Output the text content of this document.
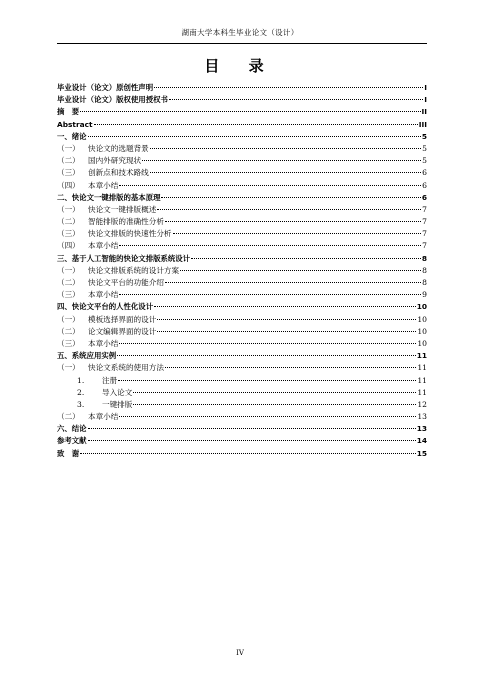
湖南大学本科生毕业论文（设计）
目 录
毕业设计（论文）原创性声明	I
毕业设计（论文）版权使用授权书	I
摘　要	II
Abstract	III
一、绪论	5
（一） 快论文的选题背景	5
（二） 国内外研究现状	5
（三） 创新点和技术路线	6
（四） 本章小结	6
二、快论文一键排版的基本原理	6
（一） 快论文一键排版概述	7
（二） 智能排版的准确性分析	7
（三） 快论文排版的快速性分析	7
（四） 本章小结	7
三、基于人工智能的快论文排版系统设计	8
（一） 快论文排版系统的设计方案	8
（二） 快论文平台的功能介绍	8
（三） 本章小结	9
四、快论文平台的人性化设计	10
（一） 模板选择界面的设计	10
（二） 论文编辑界面的设计	10
（三） 本章小结	10
五、系统应用实例	11
（一） 快论文系统的使用方法	11
1. 注册	11
2. 导入论文	11
3. 一键排版	12
（二） 本章小结	13
六、结论	13
参考文献	14
致　谢	15
IV
